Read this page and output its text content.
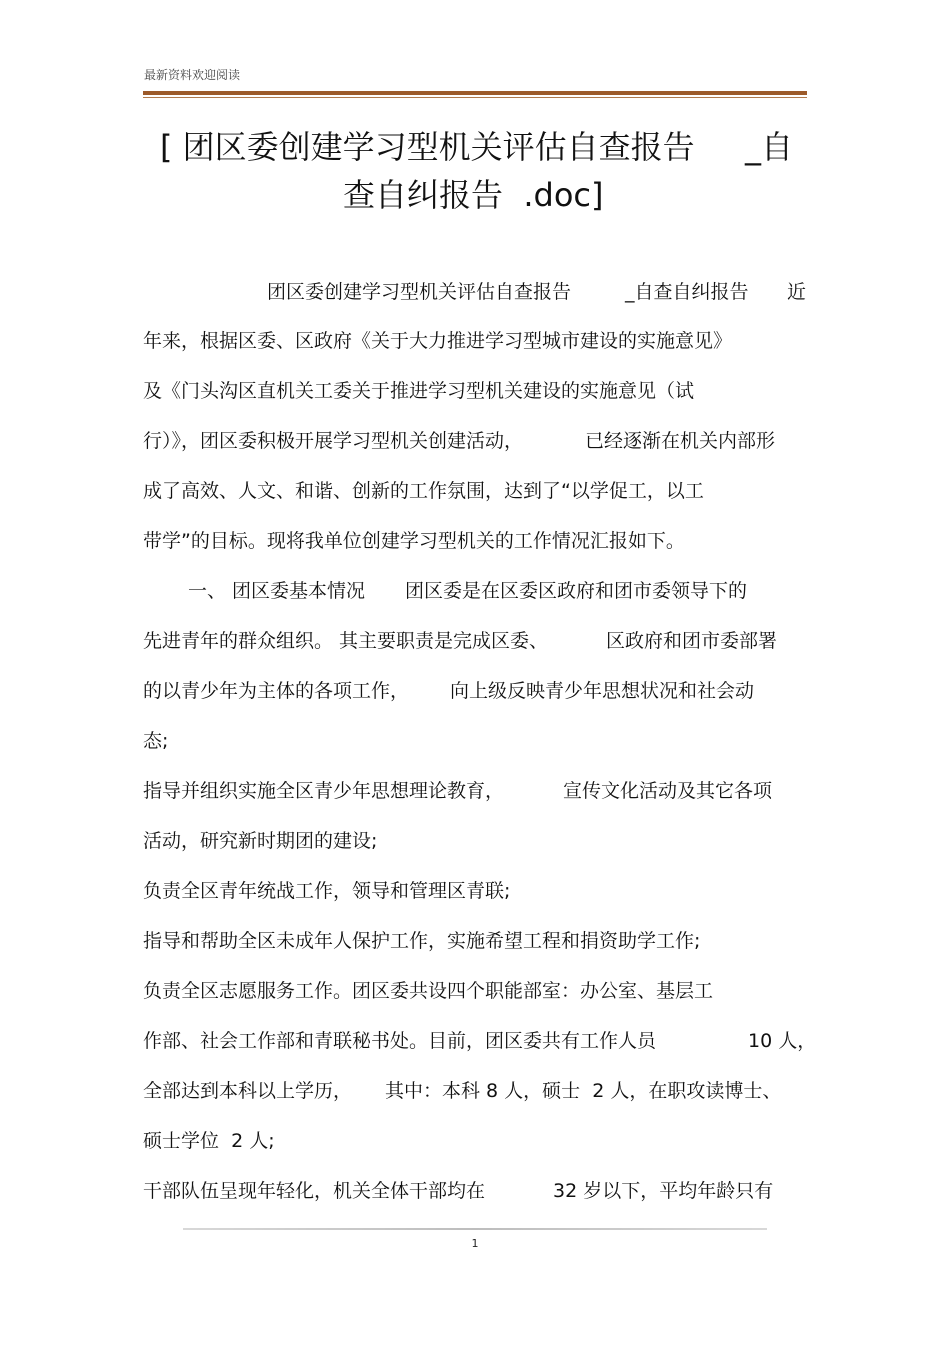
最新资料欢迎阅读
[ 团区委创建学习型机关评估自查报告 _自
查自纠报告  .doc]
团区委创建学习型机关评估自查报告	_自查自纠报告 近
年来，根据区委、区政府《关于大力推进学习型城市建设的实施意见》
及《门头沟区直机关工委关于推进学习型机关建设的实施意见（试
行）》，团区委积极开展学习型机关创建活动，	已经逐渐在机关内部形
成了高效、人文、和谐、创新的工作氛围，达到了“以学促工，以工
带学”的目标。现将我单位创建学习型机关的工作情况汇报如下。
一、 团区委基本情况 团区委是在区委区政府和团市委领导下的
先进青年的群众组织。 其主要职责是完成区委、	区政府和团市委部署
的以青少年为主体的各项工作， 向上级反映青少年思想状况和社会动
态;
指导并组织实施全区青少年思想理论教育，	宣传文化活动及其它各项
活动，研究新时期团的建设;
负责全区青年统战工作，领导和管理区青联;
指导和帮助全区未成年人保护工作，实施希望工程和捐资助学工作;
负责全区志愿服务工作。团区委共设四个职能部室：办公室、基层工
作部、社会工作部和青联秘书处。目前，团区委共有工作人员	10 人，
全部达到本科以上学历， 其中：本科 8 人，硕士  2 人，在职攻读博士、
硕士学位  2 人;
干部队伍呈现年轻化，机关全体干部均在	32 岁以下，平均年龄只有
1
